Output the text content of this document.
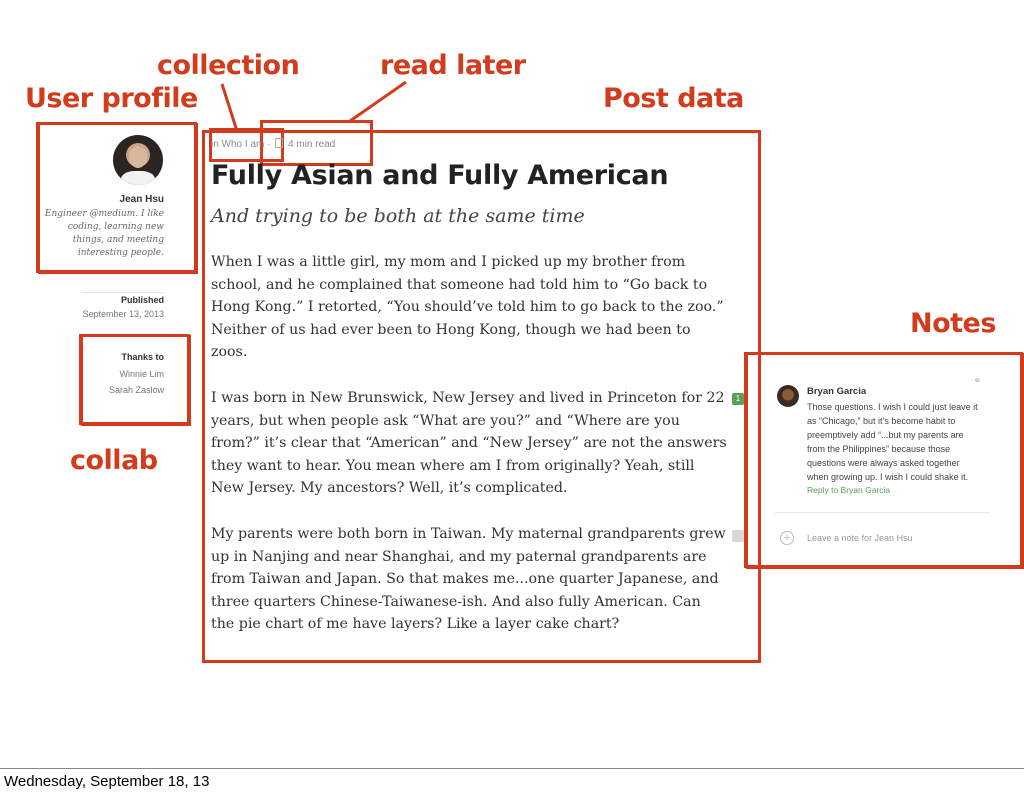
collection	read later
User profile	Post data
Notes
collab
Jean Hsu
Engineer @medium. I like
coding, learning new
things, and meeting
interesting people.
Published
September 13, 2013
Thanks to
Winnie Lim
Sarah Zaslow
in Who I am ·  4 min read
Fully Asian and Fully American
And trying to be both at the same time
When I was a little girl, my mom and I picked up my brother from
school, and he complained that someone had told him to “Go back to
Hong Kong.” I retorted, “You should’ve told him to go back to the zoo.”
Neither of us had ever been to Hong Kong, though we had been to
zoos.
I was born in New Brunswick, New Jersey and lived in Princeton for 22
years, but when people ask “What are you?” and “Where are you
from?” it’s clear that “American” and “New Jersey” are not the answers
they want to hear. You mean where am I from originally? Yeah, still
New Jersey. My ancestors? Well, it’s complicated.
My parents were both born in Taiwan. My maternal grandparents grew
up in Nanjing and near Shanghai, and my paternal grandparents are
from Taiwan and Japan. So that makes me...one quarter Japanese, and
three quarters Chinese-Taiwanese-ish. And also fully American. Can
the pie chart of me have layers? Like a layer cake chart?
1
⚭
Bryan Garcia
Those questions. I wish I could just leave it
as “Chicago,” but it’s become habit to
preemptively add “...but my parents are
from the Philippines” because those
questions were always asked together
when growing up. I wish I could shake it.
Reply to Bryan Garcia
+	Leave a note for Jean Hsu
Wednesday, September 18, 13
